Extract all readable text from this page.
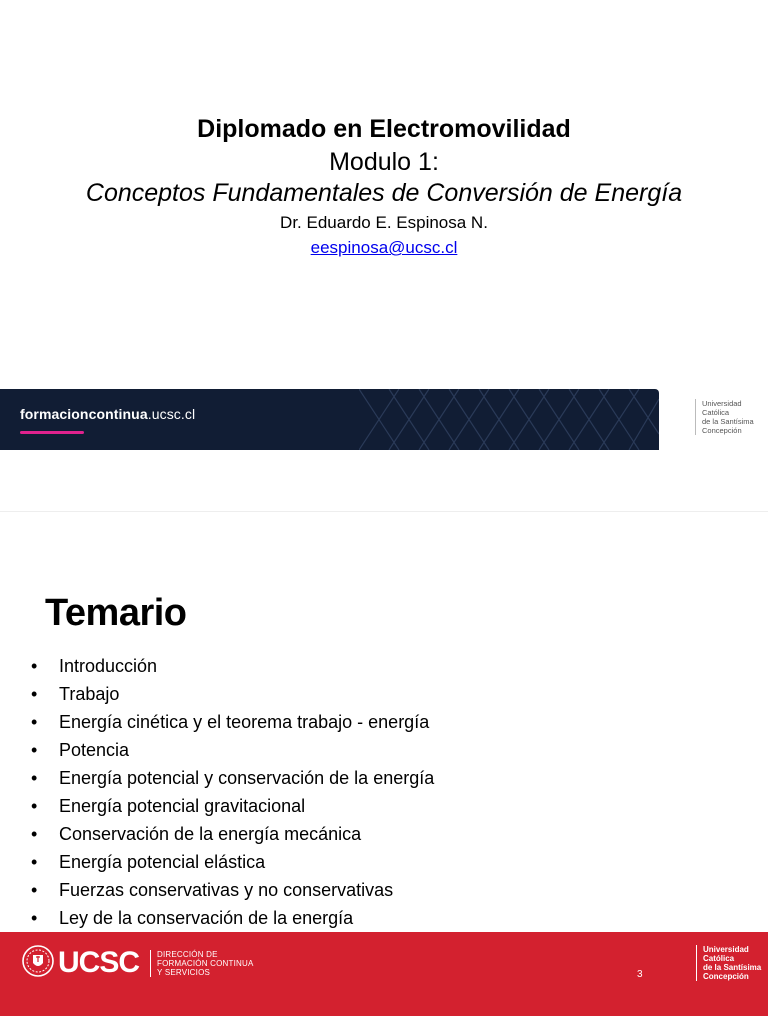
Diplomado en Electromovilidad
Modulo 1:
Conceptos Fundamentales de Conversión de Energía
Dr. Eduardo E. Espinosa N.
eespinosa@ucsc.cl
formacioncontinua.ucsc.cl
Universidad
Católica
de la Santísima
Concepción
Temario
• Introducción
• Trabajo
• Energía cinética y el teorema trabajo - energía
• Potencia
• Energía potencial y conservación de la energía
• Energía potencial gravitacional
• Conservación de la energía mecánica
• Energía potencial elástica
• Fuerzas conservativas y no conservativas
• Ley de la conservación de la energía
UCSC DIRECCIÓN DE
FORMACIÓN CONTINUA
Y SERVICIOS	3
Universidad
Católica
de la Santísima
Concepción
